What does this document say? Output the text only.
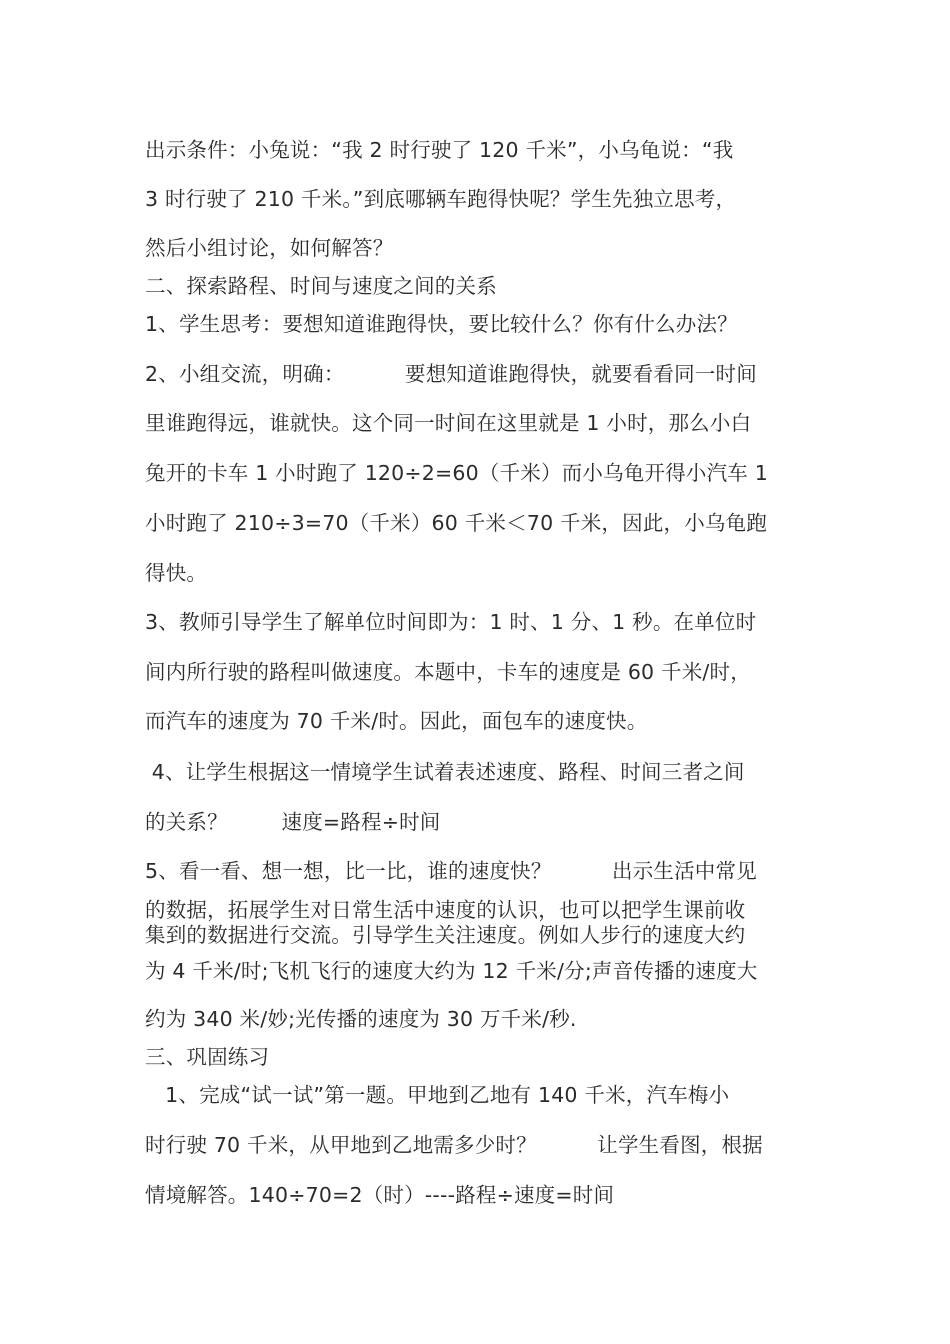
出示条件：小兔说：“我 2 时行驶了 120 千米”，小乌龟说：“我
3 时行驶了 210 千米。”到底哪辆车跑得快呢？学生先独立思考，
然后小组讨论，如何解答？
二、探索路程、时间与速度之间的关系
1、学生思考：要想知道谁跑得快，要比较什么？你有什么办法？
2、小组交流，明确：         要想知道谁跑得快，就要看看同一时间
里谁跑得远，谁就快。这个同一时间在这里就是 1 小时，那么小白
兔开的卡车 1 小时跑了 120÷2=60（千米）而小乌龟开得小汽车 1
小时跑了 210÷3=70（千米）60 千米＜70 千米，因此，小乌龟跑
得快。
3、教师引导学生了解单位时间即为：1 时、1 分、1 秒。在单位时
间内所行驶的路程叫做速度。本题中，卡车的速度是 60 千米/时，
而汽车的速度为 70 千米/时。因此，面包车的速度快。
4、让学生根据这一情境学生试着表述速度、路程、时间三者之间
的关系？        速度=路程÷时间
5、看一看、想一想，比一比，谁的速度快？         出示生活中常见
的数据，拓展学生对日常生活中速度的认识，也可以把学生课前收
集到的数据进行交流。引导学生关注速度。例如人步行的速度大约
为 4 千米/时;飞机飞行的速度大约为 12 千米/分;声音传播的速度大
约为 340 米/妙;光传播的速度为 30 万千米/秒.
三、巩固练习
1、完成“试一试”第一题。甲地到乙地有 140 千米，汽车梅小
时行驶 70 千米，从甲地到乙地需多少时？         让学生看图，根据
情境解答。140÷70=2（时）----路程÷速度=时间
